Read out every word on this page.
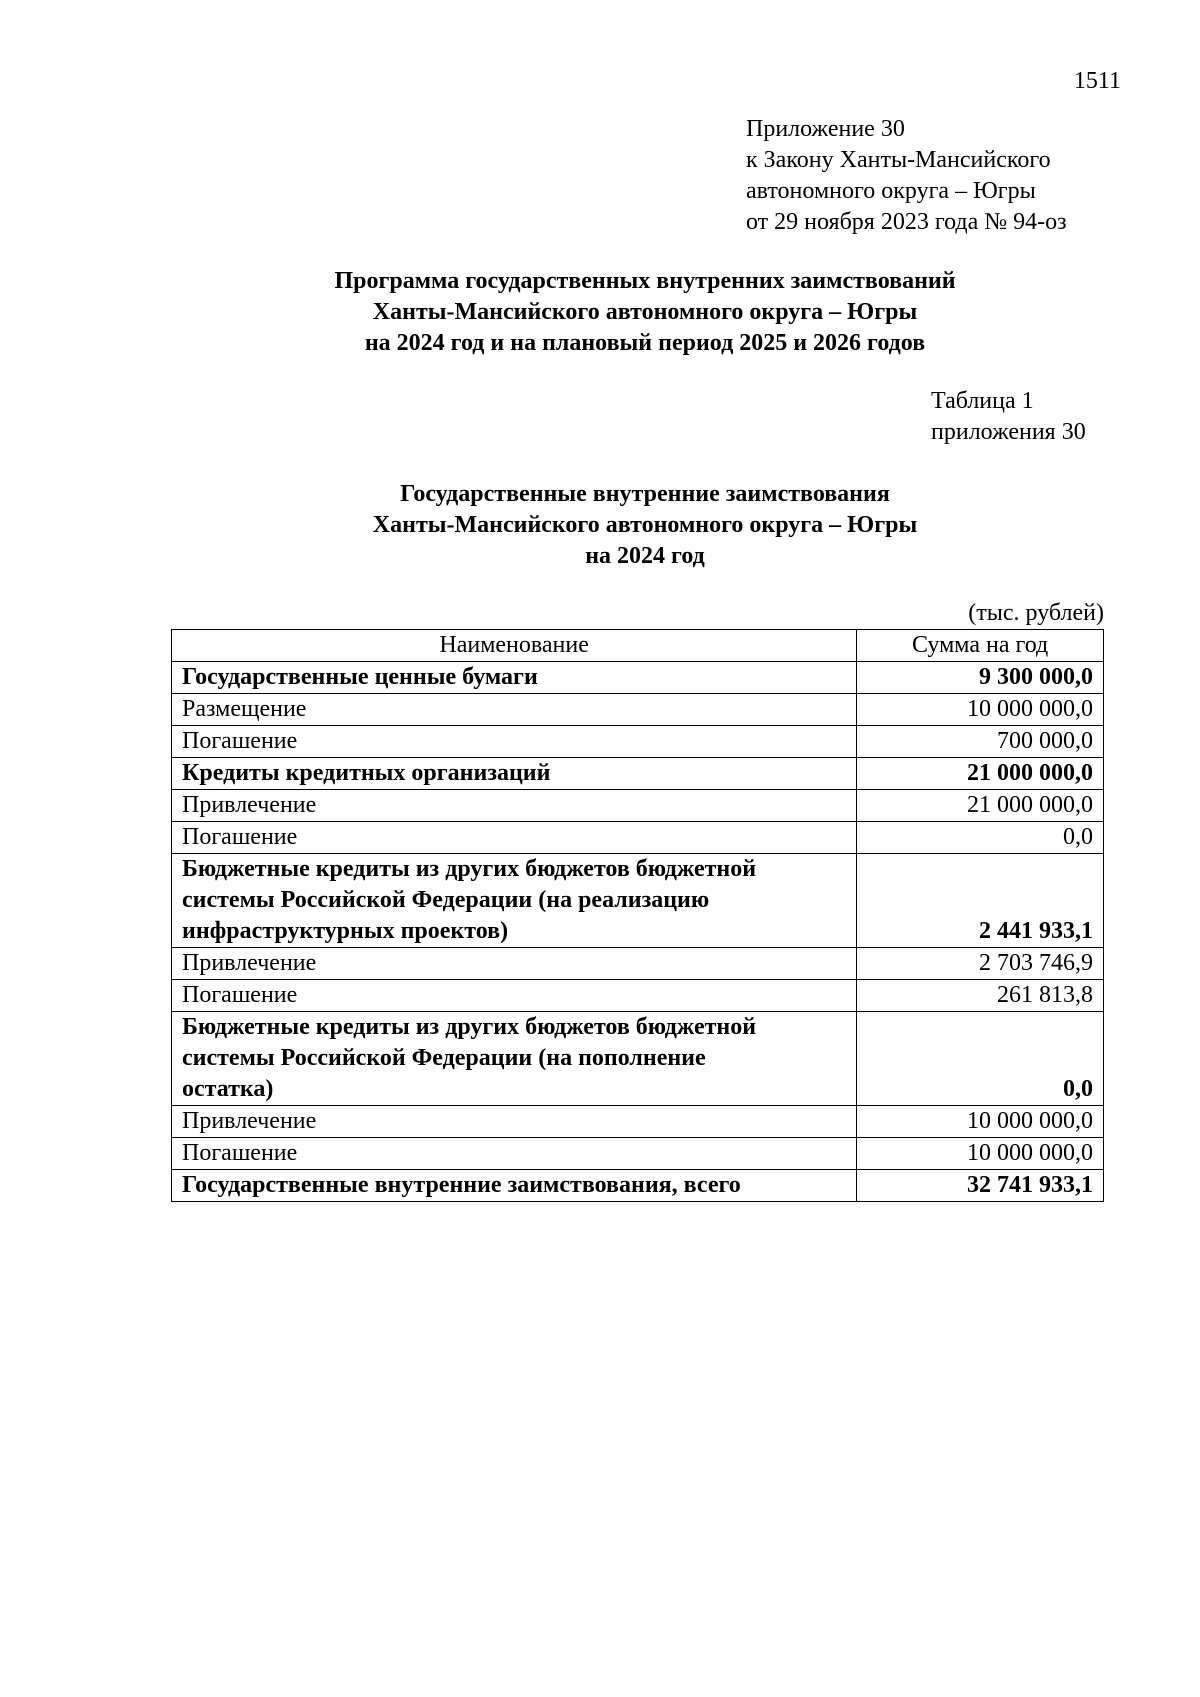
1511
Приложение 30
к Закону Ханты-Мансийского
автономного округа – Югры
от 29 ноября 2023 года № 94-оз
Программа государственных внутренних заимствований
Ханты-Мансийского автономного округа – Югры
на 2024 год и на плановый период 2025 и 2026 годов
Таблица 1
приложения 30
Государственные внутренние заимствования
Ханты-Мансийского автономного округа – Югры
на 2024 год
(тыс. рублей)
Наименование	Сумма на год

Государственные ценные бумаги	9 300 000,0

Размещение	10 000 000,0

Погашение	700 000,0

Кредиты кредитных организаций	21 000 000,0

Привлечение	21 000 000,0

Погашение	0,0

Бюджетные кредиты из других бюджетов бюджетной
системы Российской Федерации (на реализацию
инфраструктурных проектов)	2 441 933,1

Привлечение	2 703 746,9

Погашение	261 813,8

Бюджетные кредиты из других бюджетов бюджетной
системы Российской Федерации (на пополнение
остатка)	0,0

Привлечение	10 000 000,0

Погашение	10 000 000,0

Государственные внутренние заимствования, всего	32 741 933,1
